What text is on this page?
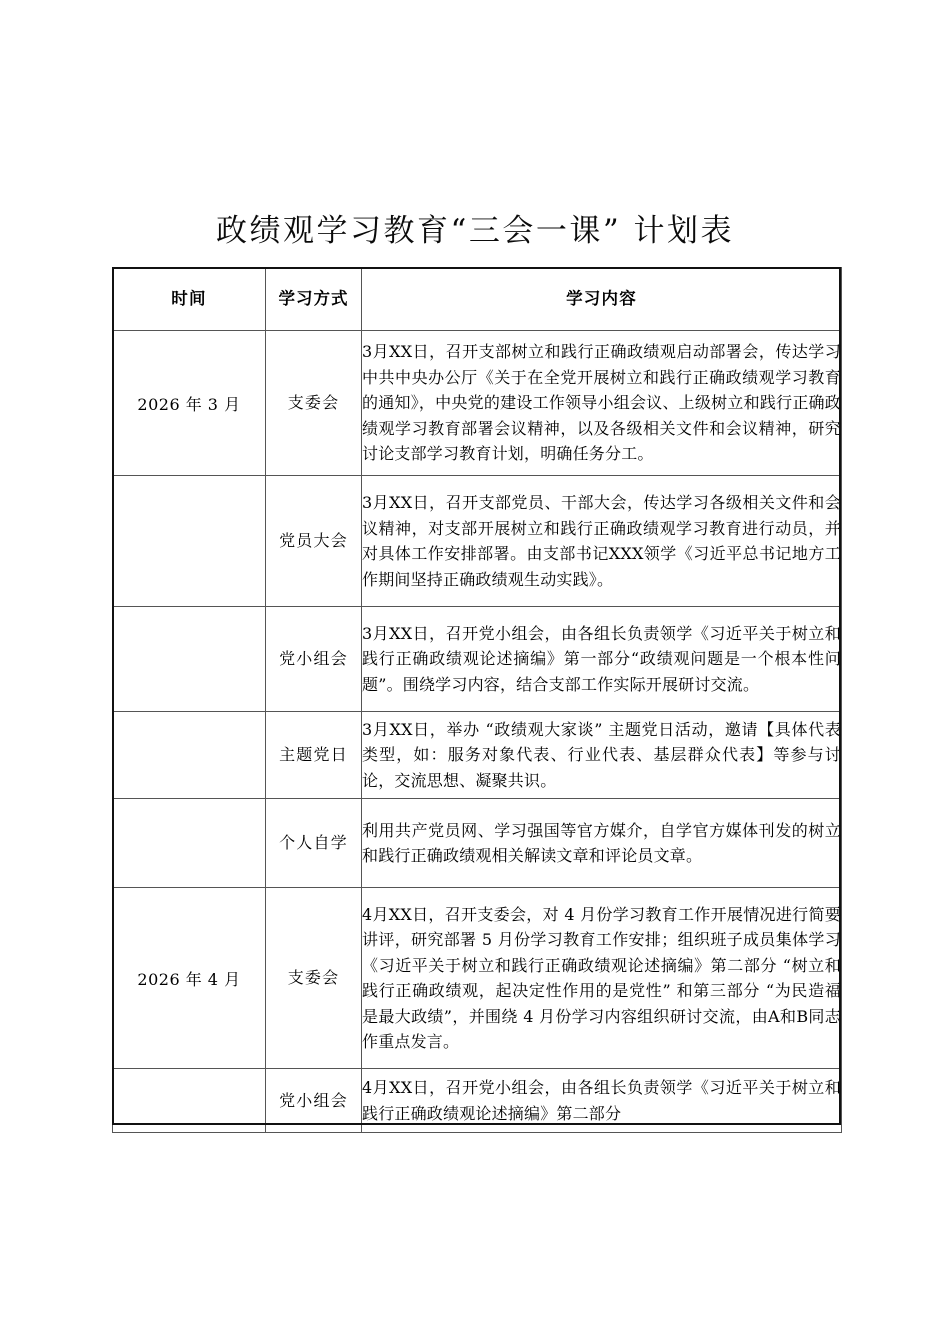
政绩观学习教育“三会一课” 计划表
时间	学习方式	学习内容
2026 年 3 月	支委会	3月XX日，召开支部树立和践行正确政绩观启动部署会，传达学习中共中央办公厅《关于在全党开展树立和践行正确政绩观学习教育的通知》，中央党的建设工作领导小组会议、上级树立和践行正确政绩观学习教育部署会议精神，以及各级相关文件和会议精神，研究讨论支部学习教育计划，明确任务分工。
	党员大会	3月XX日，召开支部党员、干部大会，传达学习各级相关文件和会议精神，对支部开展树立和践行正确政绩观学习教育进行动员，并对具体工作安排部署。由支部书记XXX领学《习近平总书记地方工作期间坚持正确政绩观生动实践》。
	党小组会	3月XX日，召开党小组会，由各组长负责领学《习近平关于树立和践行正确政绩观论述摘编》第一部分“政绩观问题是一个根本性问题”。围绕学习内容，结合支部工作实际开展研讨交流。
	主题党日	3月XX日，举办 “政绩观大家谈” 主题党日活动，邀请【具体代表类型，如：服务对象代表、行业代表、基层群众代表】等参与讨论，交流思想、凝聚共识。
	个人自学	利用共产党员网、学习强国等官方媒介，自学官方媒体刊发的树立和践行正确政绩观相关解读文章和评论员文章。
2026 年 4 月	支委会	4月XX日，召开支委会，对 4 月份学习教育工作开展情况进行简要讲评，研究部署 5 月份学习教育工作安排；组织班子成员集体学习《习近平关于树立和践行正确政绩观论述摘编》第二部分 “树立和践行正确政绩观，起决定性作用的是党性” 和第三部分 “为民造福是最大政绩”，并围绕 4 月份学习内容组织研讨交流，由A和B同志作重点发言。
	党小组会	4月XX日，召开党小组会，由各组长负责领学《习近平关于树立和践行正确政绩观论述摘编》第二部分
